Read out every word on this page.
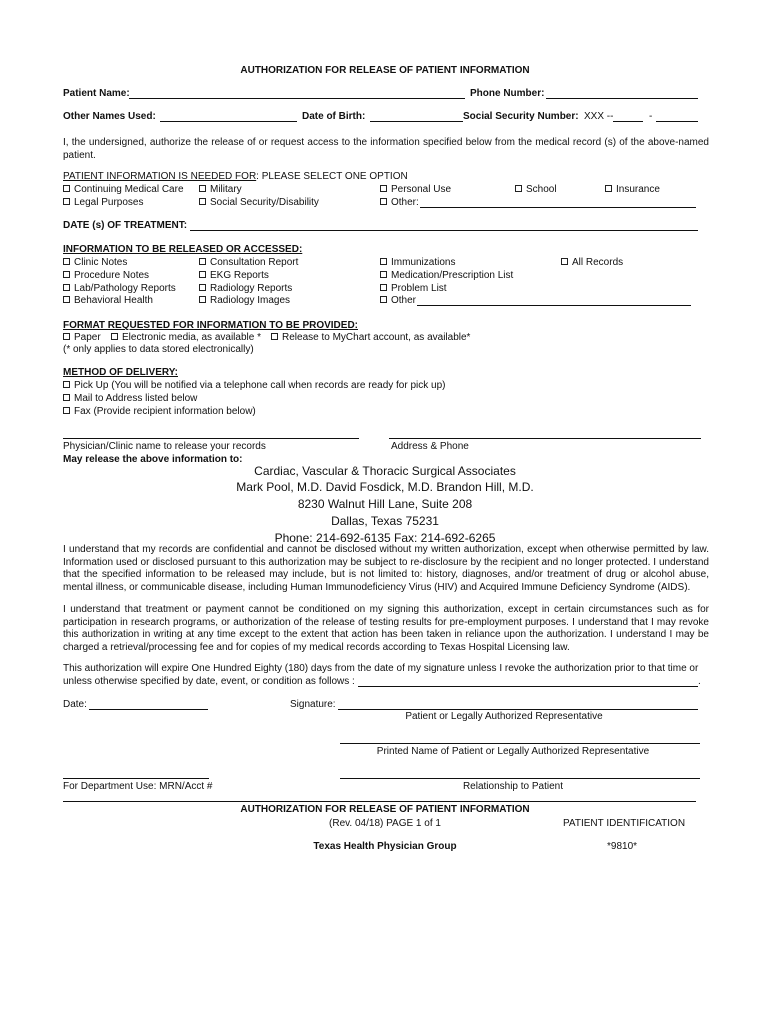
AUTHORIZATION FOR RELEASE OF PATIENT INFORMATION
Patient Name:	Phone Number:
Other Names Used:	Date of Birth:	Social Security Number: XXX --	-
I, the undersigned, authorize the release of or request access to the information specified below from the medical record (s) of the above-named patient.
PATIENT INFORMATION IS NEEDED FOR: PLEASE SELECT ONE OPTION
Continuing Medical Care	Military	Personal Use	School	Insurance
Legal Purposes	Social Security/Disability	Other:
DATE (s) OF TREATMENT:
INFORMATION TO BE RELEASED OR ACCESSED:
Clinic Notes	Consultation Report	Immunizations	All Records
Procedure Notes	EKG Reports	Medication/Prescription List
Lab/Pathology Reports	Radiology Reports	Problem List
Behavioral Health	Radiology Images	Other
FORMAT REQUESTED FOR INFORMATION TO BE PROVIDED:
Paper	Electronic media, as available *	Release to MyChart account, as available*
(* only applies to data stored electronically)
METHOD OF DELIVERY:
Pick Up (You will be notified via a telephone call when records are ready for pick up)
Mail to Address listed below
Fax (Provide recipient information below)
Physician/Clinic name to release your records	Address & Phone
May release the above information to:
Cardiac, Vascular & Thoracic Surgical Associates
Mark Pool, M.D. David Fosdick, M.D. Brandon Hill, M.D.
8230 Walnut Hill Lane, Suite 208
Dallas, Texas 75231
Phone: 214-692-6135 Fax: 214-692-6265
I understand that my records are confidential and cannot be disclosed without my written authorization, except when otherwise permitted by law. Information used or disclosed pursuant to this authorization may be subject to re-disclosure by the recipient and no longer protected. I understand that the specified information to be released may include, but is not limited to: history, diagnoses, and/or treatment of drug or alcohol abuse, mental illness, or communicable disease, including Human Immunodeficiency Virus (HIV) and Acquired Immune Deficiency Syndrome (AIDS).
I understand that treatment or payment cannot be conditioned on my signing this authorization, except in certain circumstances such as for participation in research programs, or authorization of the release of testing results for pre-employment purposes. I understand that I may revoke this authorization in writing at any time except to the extent that action has been taken in reliance upon the authorization. I understand I may be charged a retrieval/processing fee and for copies of my medical records according to Texas Hospital Licensing law.
This authorization will expire One Hundred Eighty (180) days from the date of my signature unless I revoke the authorization prior to that time or
unless otherwise specified by date, event, or condition as follows :	.
Date:	Signature:
Patient or Legally Authorized Representative
Printed Name of Patient or Legally Authorized Representative
For Department Use: MRN/Acct #	Relationship to Patient
AUTHORIZATION FOR RELEASE OF PATIENT INFORMATION
(Rev. 04/18) PAGE 1 of 1	PATIENT IDENTIFICATION
Texas Health Physician Group	*9810*
